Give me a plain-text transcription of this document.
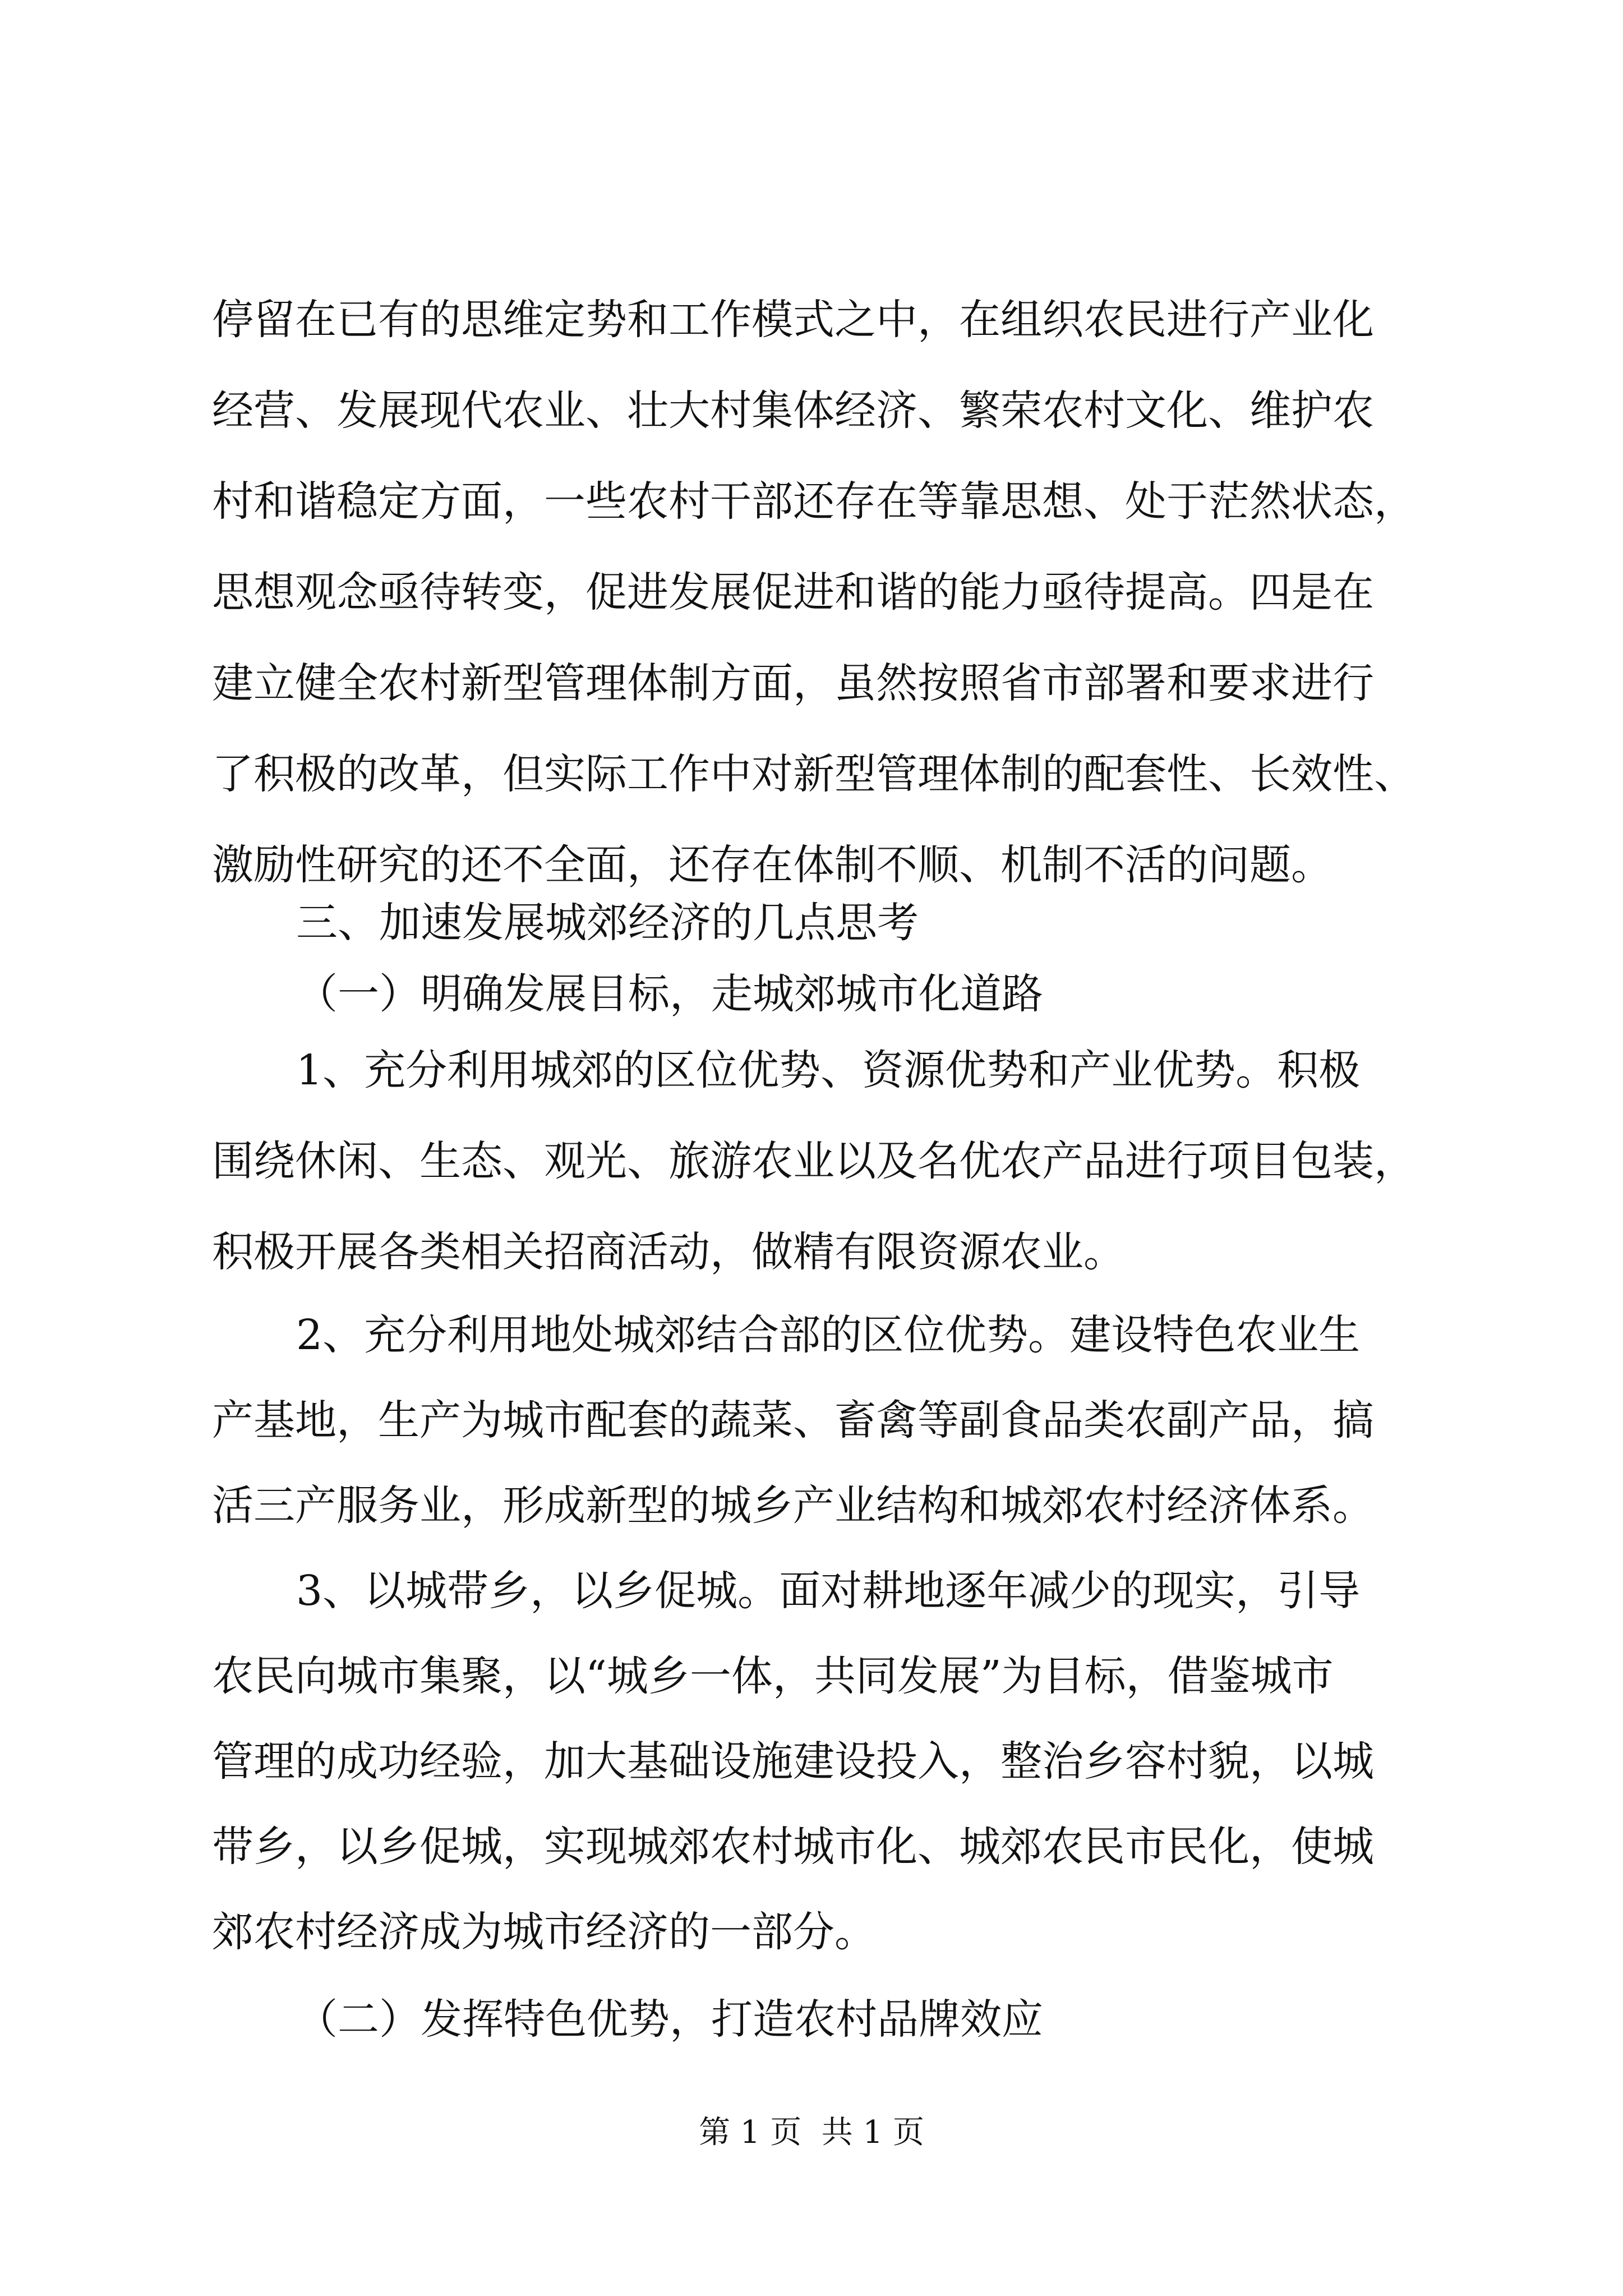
停留在已有的思维定势和工作模式之中，在组织农民进行产业化
经营、发展现代农业、壮大村集体经济、繁荣农村文化、维护农
村和谐稳定方面，一些农村干部还存在等靠思想、处于茫然状态，
思想观念亟待转变，促进发展促进和谐的能力亟待提高。四是在
建立健全农村新型管理体制方面，虽然按照省市部署和要求进行
了积极的改革，但实际工作中对新型管理体制的配套性、长效性、
激励性研究的还不全面，还存在体制不顺、机制不活的问题。
三、加速发展城郊经济的几点思考
（一）明确发展目标，走城郊城市化道路
1、充分利用城郊的区位优势、资源优势和产业优势。积极
围绕休闲、生态、观光、旅游农业以及名优农产品进行项目包装，
积极开展各类相关招商活动，做精有限资源农业。
2、充分利用地处城郊结合部的区位优势。建设特色农业生
产基地，生产为城市配套的蔬菜、畜禽等副食品类农副产品，搞
活三产服务业，形成新型的城乡产业结构和城郊农村经济体系。
3、以城带乡，以乡促城。面对耕地逐年减少的现实，引导
农民向城市集聚，以“城乡一体，共同发展”为目标，借鉴城市
管理的成功经验，加大基础设施建设投入，整治乡容村貌，以城
带乡，以乡促城，实现城郊农村城市化、城郊农民市民化，使城
郊农村经济成为城市经济的一部分。
（二）发挥特色优势，打造农村品牌效应
第 1 页  共 1 页
